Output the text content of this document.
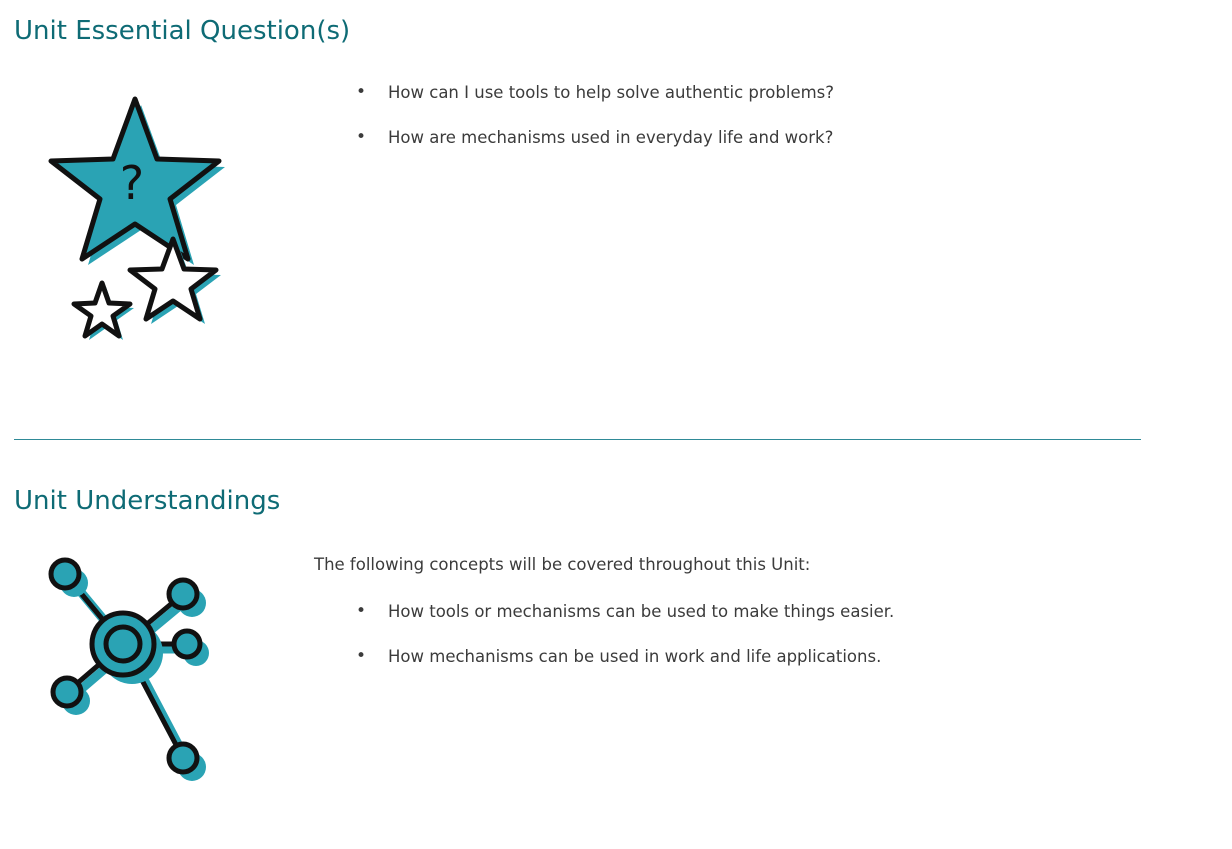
Unit Essential Question(s)
?
• How can I use tools to help solve authentic problems?
• How are mechanisms used in everyday life and work?
Unit Understandings

The following concepts will be covered throughout this Unit:

• How tools or mechanisms can be used to make things easier.
• How mechanisms can be used in work and life applications.
